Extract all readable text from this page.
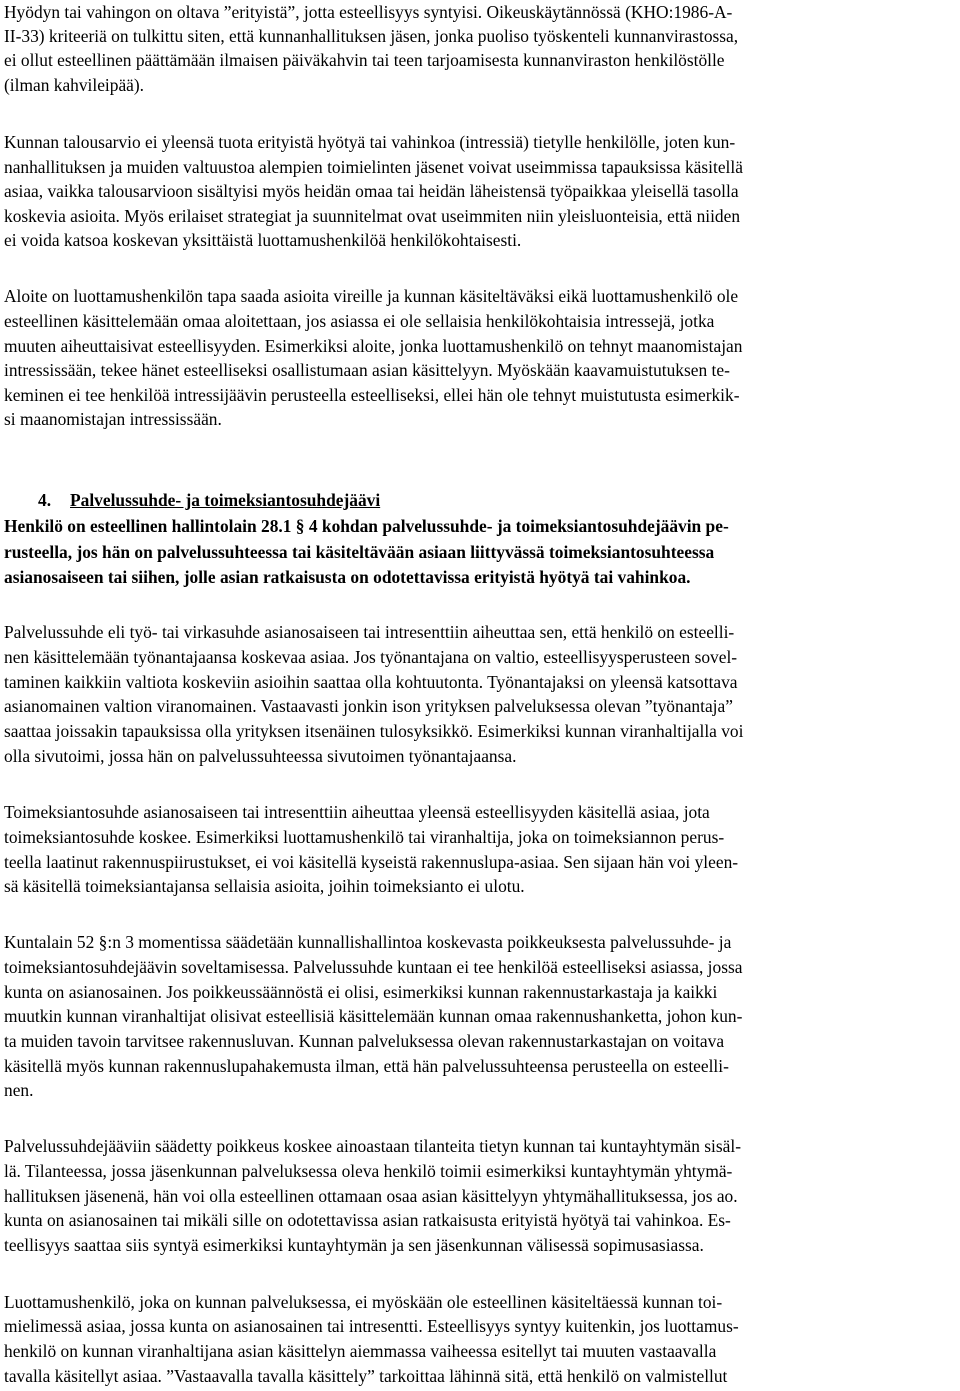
Hyödyn tai vahingon on oltava ”erityistä”, jotta esteellisyys syntyisi. Oikeuskäytännössä (KHO:1986-A-
II-33) kriteeriä on tulkittu siten, että kunnanhallituksen jäsen, jonka puoliso työskenteli kunnanvirastossa,
ei ollut esteellinen päättämään ilmaisen päiväkahvin tai teen tarjoamisesta kunnanviraston henkilöstölle
(ilman kahvileipää).
Kunnan talousarvio ei yleensä tuota erityistä hyötyä tai vahinkoa (intressiä) tietylle henkilölle, joten kun-
nanhallituksen ja muiden valtuustoa alempien toimielinten jäsenet voivat useimmissa tapauksissa käsitellä
asiaa, vaikka talousarvioon sisältyisi myös heidän omaa tai heidän läheistensä työpaikkaa yleisellä tasolla
koskevia asioita. Myös erilaiset strategiat ja suunnitelmat ovat useimmiten niin yleisluonteisia, että niiden
ei voida katsoa koskevan yksittäistä luottamushenkilöä henkilökohtaisesti.
Aloite on luottamushenkilön tapa saada asioita vireille ja kunnan käsiteltäväksi eikä luottamushenkilö ole
esteellinen käsittelemään omaa aloitettaan, jos asiassa ei ole sellaisia henkilökohtaisia intressejä, jotka
muuten aiheuttaisivat esteellisyyden. Esimerkiksi aloite, jonka luottamushenkilö on tehnyt maanomistajan
intressissään, tekee hänet esteelliseksi osallistumaan asian käsittelyyn. Myöskään kaavamuistutuksen te-
keminen ei tee henkilöä intressijäävin perusteella esteelliseksi, ellei hän ole tehnyt muistutusta esimerkik-
si maanomistajan intressissään.
4. Palvelussuhde- ja toimeksiantosuhdejäävi
Henkilö on esteellinen hallintolain 28.1 § 4 kohdan palvelussuhde- ja toimeksiantosuhdejäävin pe-
rusteella, jos hän on palvelussuhteessa tai käsiteltävään asiaan liittyvässä toimeksiantosuhteessa
asianosaiseen tai siihen, jolle asian ratkaisusta on odotettavissa erityistä hyötyä tai vahinkoa.
Palvelussuhde eli työ- tai virkasuhde asianosaiseen tai intresenttiin aiheuttaa sen, että henkilö on esteelli-
nen käsittelemään työnantajaansa koskevaa asiaa. Jos työnantajana on valtio, esteellisyysperusteen sovel-
taminen kaikkiin valtiota koskeviin asioihin saattaa olla kohtuutonta. Työnantajaksi on yleensä katsottava
asianomainen valtion viranomainen. Vastaavasti jonkin ison yrityksen palveluksessa olevan ”työnantaja”
saattaa joissakin tapauksissa olla yrityksen itsenäinen tulosyksikkö. Esimerkiksi kunnan viranhaltijalla voi
olla sivutoimi, jossa hän on palvelussuhteessa sivutoimen työnantajaansa.
Toimeksiantosuhde asianosaiseen tai intresenttiin aiheuttaa yleensä esteellisyyden käsitellä asiaa, jota
toimeksiantosuhde koskee. Esimerkiksi luottamushenkilö tai viranhaltija, joka on toimeksiannon perus-
teella laatinut rakennuspiirustukset, ei voi käsitellä kyseistä rakennuslupa-asiaa. Sen sijaan hän voi yleen-
sä käsitellä toimeksiantajansa sellaisia asioita, joihin toimeksianto ei ulotu.
Kuntalain 52 §:n 3 momentissa säädetään kunnallishallintoa koskevasta poikkeuksesta palvelussuhde- ja
toimeksiantosuhdejäävin soveltamisessa. Palvelussuhde kuntaan ei tee henkilöä esteelliseksi asiassa, jossa
kunta on asianosainen. Jos poikkeussäännöstä ei olisi, esimerkiksi kunnan rakennustarkastaja ja kaikki
muutkin kunnan viranhaltijat olisivat esteellisiä käsittelemään kunnan omaa rakennushanketta, johon kun-
ta muiden tavoin tarvitsee rakennusluvan. Kunnan palveluksessa olevan rakennustarkastajan on voitava
käsitellä myös kunnan rakennuslupahakemusta ilman, että hän palvelussuhteensa perusteella on esteelli-
nen.
Palvelussuhdejääviin säädetty poikkeus koskee ainoastaan tilanteita tietyn kunnan tai kuntayhtymän sisäl-
lä. Tilanteessa, jossa jäsenkunnan palveluksessa oleva henkilö toimii esimerkiksi kuntayhtymän yhtymä-
hallituksen jäsenenä, hän voi olla esteellinen ottamaan osaa asian käsittelyyn yhtymähallituksessa, jos ao.
kunta on asianosainen tai mikäli sille on odotettavissa asian ratkaisusta erityistä hyötyä tai vahinkoa. Es-
teellisyys saattaa siis syntyä esimerkiksi kuntayhtymän ja sen jäsenkunnan välisessä sopimusasiassa.
Luottamushenkilö, joka on kunnan palveluksessa, ei myöskään ole esteellinen käsiteltäessä kunnan toi-
mielimessä asiaa, jossa kunta on asianosainen tai intresentti. Esteellisyys syntyy kuitenkin, jos luottamus-
henkilö on kunnan viranhaltijana asian käsittelyn aiemmassa vaiheessa esitellyt tai muuten vastaavalla
tavalla käsitellyt asiaa. ”Vastaavalla tavalla käsittely” tarkoittaa lähinnä sitä, että henkilö on valmistellut
